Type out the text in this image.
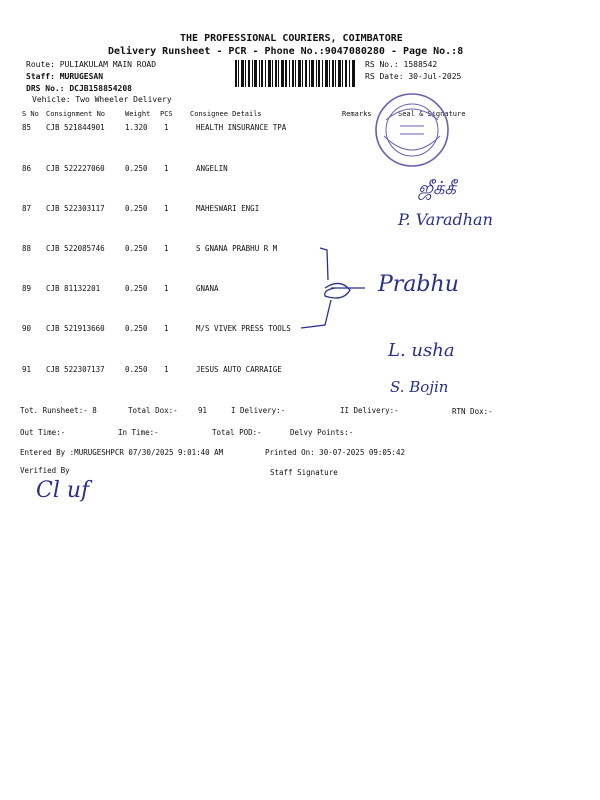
THE PROFESSIONAL COURIERS, COIMBATORE
Delivery Runsheet - PCR - Phone No.:9047080280 - Page No.:8
Route: PULIAKULAM MAIN ROAD
Staff: MURUGESAN
DRS No.: DCJB158854208
Vehicle: Two Wheeler Delivery
RS No.: 1588542
RS Date: 30-Jul-2025
S No Consignment No	Weight PCS Consignee Details	Remarks	Seal & Signature
85 CJB 521844901	1.320 1	HEALTH INSURANCE TPA
86 CJB 522227060	0.250 1	ANGELIN
87 CJB 522303117	0.250 1	MAHESWARI ENGI
88 CJB 522085746	0.250 1	S GNANA PRABHU R M
89 CJB 81132201	0.250 1	GNANA
90 CJB 521913660	0.250 1	M/S VIVEK PRESS TOOLS
91 CJB 522307137	0.250 1	JESUS AUTO CARRAIGE
ஜீக்கீ
P. Varadhan
Prabhu
L. usha
S. Bojin
Tot. Runsheet:- 8	Total Dox:-	91	I Delivery:-	II Delivery:-	RTN Dox:-
Out Time:-	In Time:-	Total POD:-	Delvy Points:-
Entered By :MURUGESHPCR 07/30/2025 9:01:40 AM	Printed On: 30-07-2025 09:05:42
Verified By	Staff Signature
Cl uf
